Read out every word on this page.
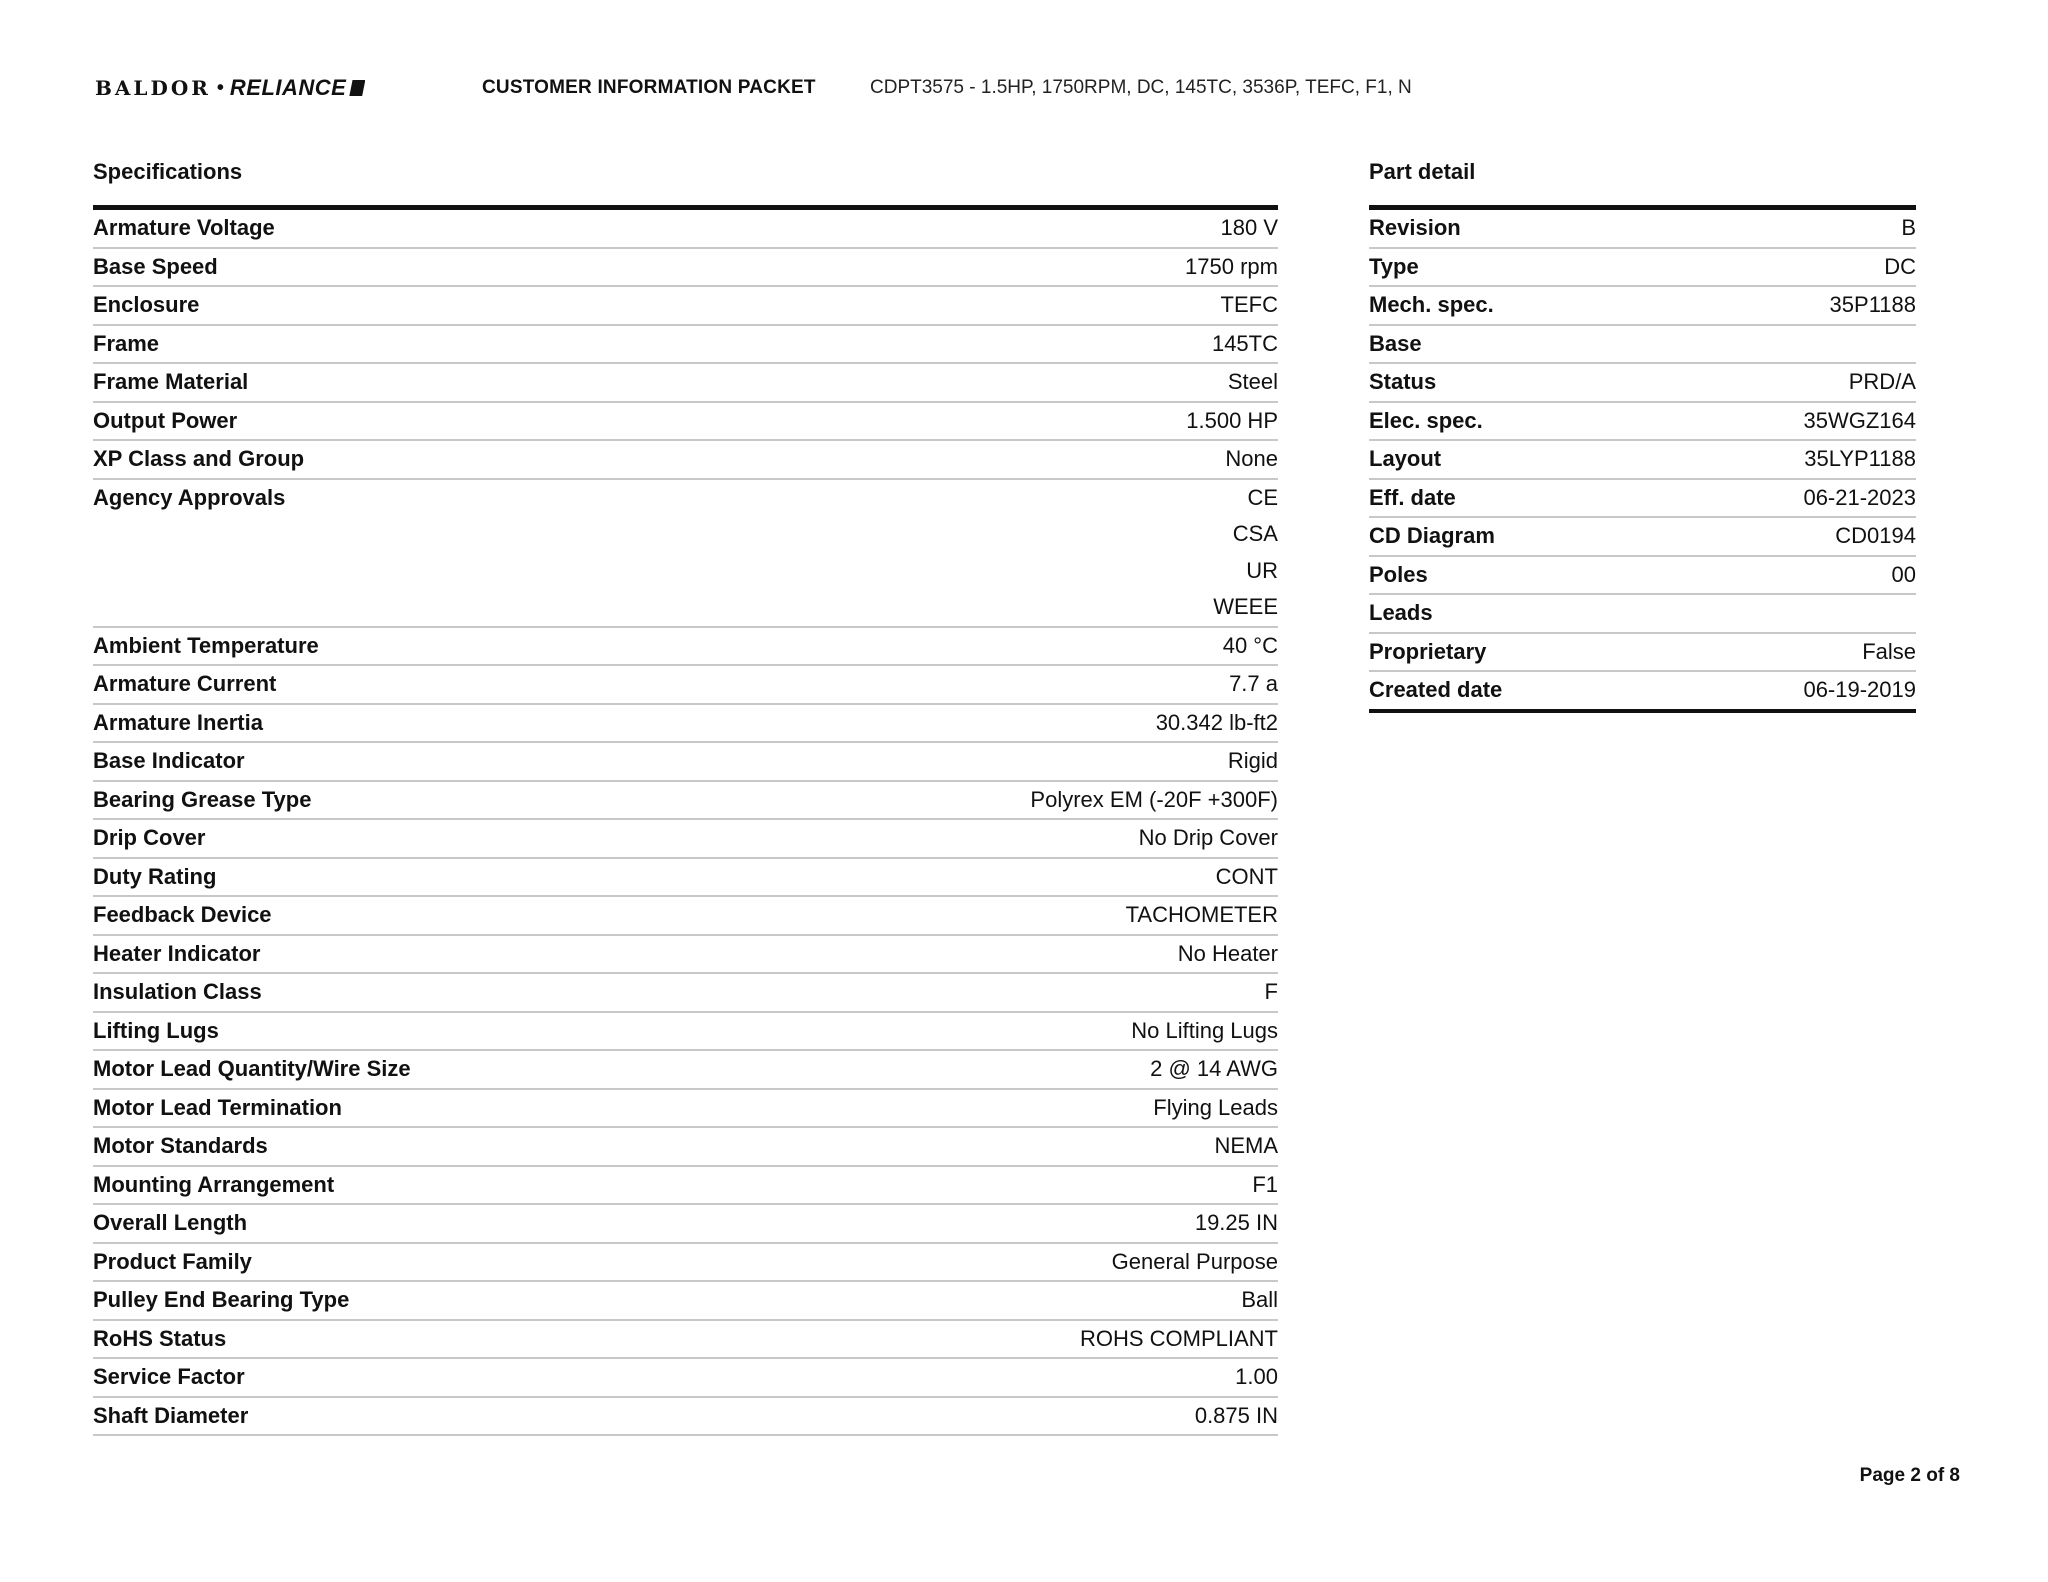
BALDOR • RELIANCE	CUSTOMER INFORMATION PACKET	CDPT3575 - 1.5HP, 1750RPM, DC, 145TC, 3536P, TEFC, F1, N
Specifications
Armature Voltage	180 V

Base Speed	1750 rpm

Enclosure	TEFC

Frame	145TC

Frame Material	Steel

Output Power	1.500 HP

XP Class and Group	None

Agency Approvals	CE
CSA
UR
WEEE

Ambient Temperature	40 °C

Armature Current	7.7 a

Armature Inertia	30.342 lb-ft2

Base Indicator	Rigid

Bearing Grease Type	Polyrex EM (-20F +300F)

Drip Cover	No Drip Cover

Duty Rating	CONT

Feedback Device	TACHOMETER

Heater Indicator	No Heater

Insulation Class	F

Lifting Lugs	No Lifting Lugs

Motor Lead Quantity/Wire Size	2 @ 14 AWG

Motor Lead Termination	Flying Leads

Motor Standards	NEMA

Mounting Arrangement	F1

Overall Length	19.25 IN

Product Family	General Purpose

Pulley End Bearing Type	Ball

RoHS Status	ROHS COMPLIANT

Service Factor	1.00

Shaft Diameter	0.875 IN
Part detail
Revision	B
Type	DC
Mech. spec.	35P1188
Base	
Status	PRD/A
Elec. spec.	35WGZ164
Layout	35LYP1188
Eff. date	06-21-2023
CD Diagram	CD0194
Poles	00
Leads	
Proprietary	False
Created date	06-19-2019
Page 2 of 8
